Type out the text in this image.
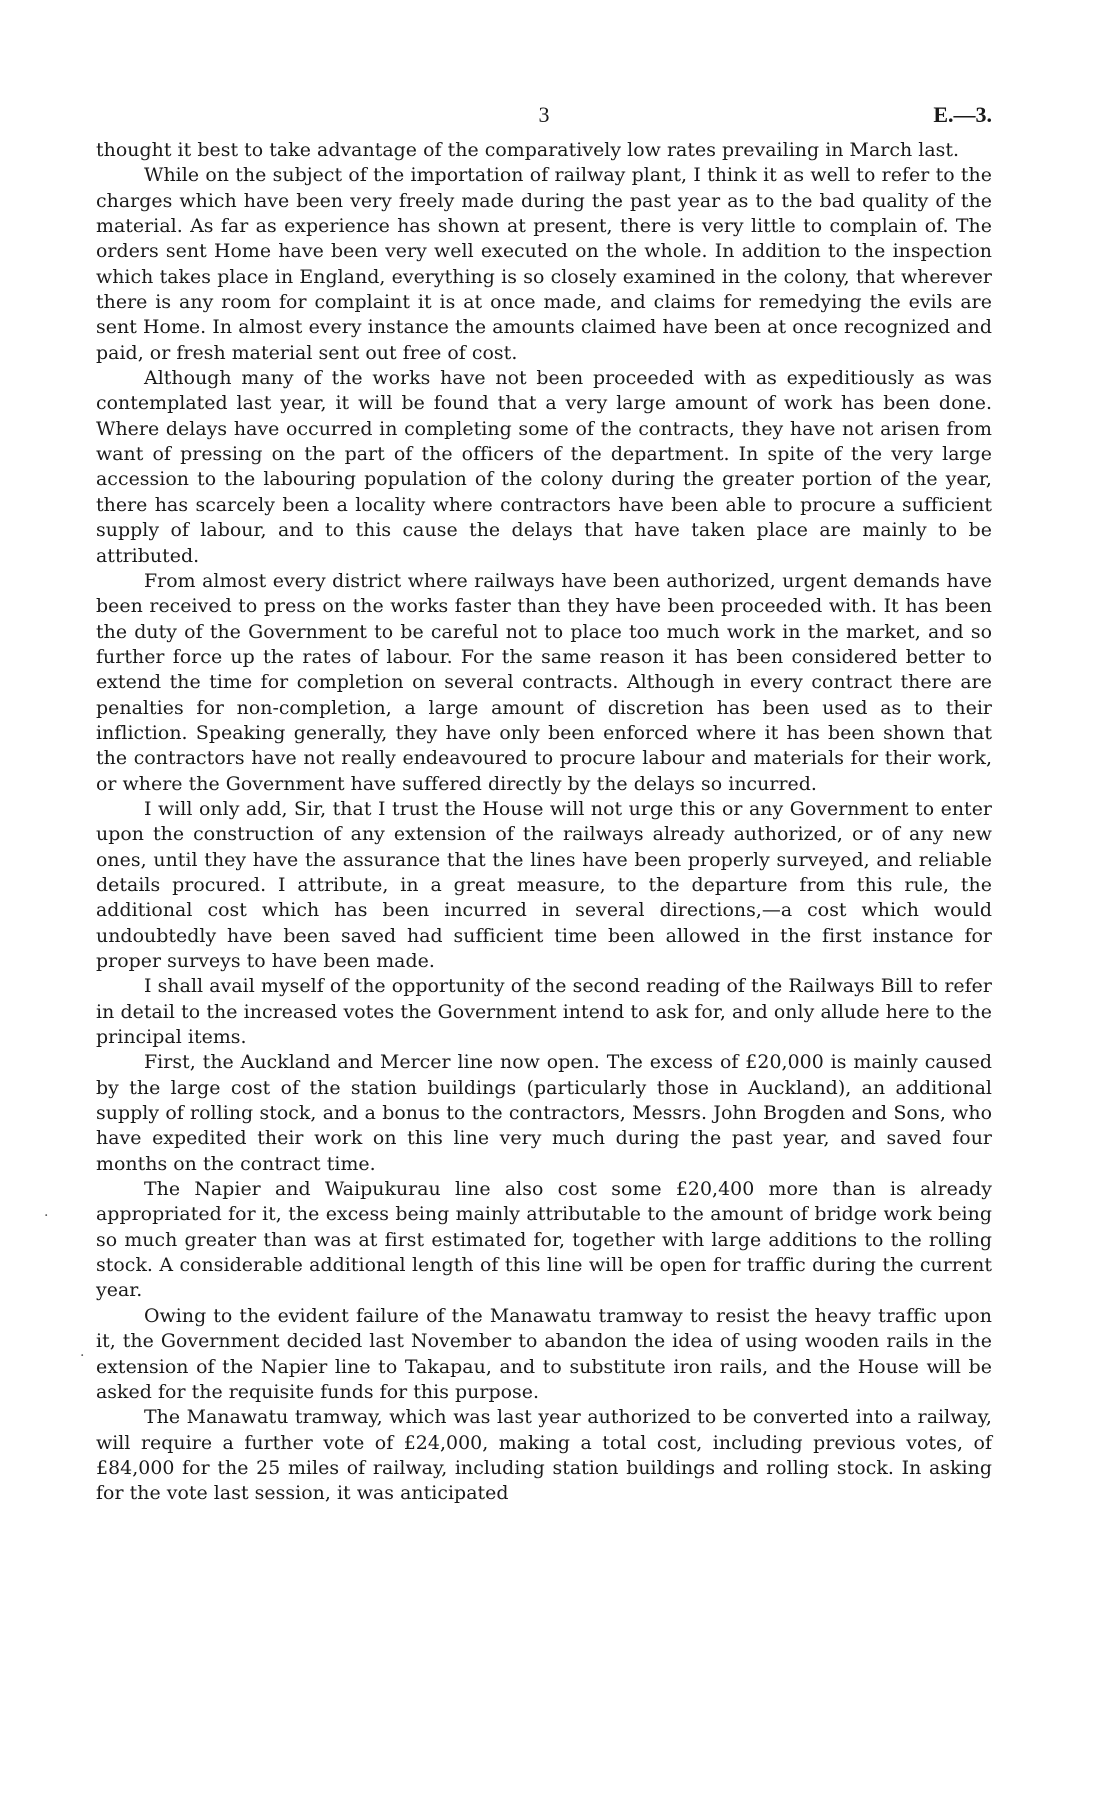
3	E.—3.

thought it best to take advantage of the comparatively low rates prevailing in March last.

While on the subject of the importation of railway plant, I think it as well to refer to the charges which have been very freely made during the past year as to the bad quality of the material. As far as experience has shown at present, there is very little to complain of. The orders sent Home have been very well executed on the whole. In addition to the inspection which takes place in England, everything is so closely examined in the colony, that wherever there is any room for complaint it is at once made, and claims for remedying the evils are sent Home. In almost every instance the amounts claimed have been at once recognized and paid, or fresh material sent out free of cost.

Although many of the works have not been proceeded with as expeditiously as was contemplated last year, it will be found that a very large amount of work has been done. Where delays have occurred in completing some of the contracts, they have not arisen from want of pressing on the part of the officers of the department. In spite of the very large accession to the labouring population of the colony during the greater portion of the year, there has scarcely been a locality where contractors have been able to procure a sufficient supply of labour, and to this cause the delays that have taken place are mainly to be attributed.

From almost every district where railways have been authorized, urgent demands have been received to press on the works faster than they have been proceeded with. It has been the duty of the Government to be careful not to place too much work in the market, and so further force up the rates of labour. For the same reason it has been considered better to extend the time for completion on several contracts. Although in every contract there are penalties for non-completion, a large amount of discretion has been used as to their infliction. Speaking generally, they have only been enforced where it has been shown that the contractors have not really endeavoured to procure labour and materials for their work, or where the Government have suffered directly by the delays so incurred.

I will only add, Sir, that I trust the House will not urge this or any Government to enter upon the construction of any extension of the railways already authorized, or of any new ones, until they have the assurance that the lines have been properly surveyed, and reliable details procured. I attribute, in a great measure, to the departure from this rule, the additional cost which has been incurred in several directions,—a cost which would undoubtedly have been saved had sufficient time been allowed in the first instance for proper surveys to have been made.

I shall avail myself of the opportunity of the second reading of the Railways Bill to refer in detail to the increased votes the Government intend to ask for, and only allude here to the principal items.

First, the Auckland and Mercer line now open. The excess of £20,000 is mainly caused by the large cost of the station buildings (particularly those in Auckland), an additional supply of rolling stock, and a bonus to the contractors, Messrs. John Brogden and Sons, who have expedited their work on this line very much during the past year, and saved four months on the contract time.

The Napier and Waipukurau line also cost some £20,400 more than is already appropriated for it, the excess being mainly attributable to the amount of bridge work being so much greater than was at first estimated for, together with large additions to the rolling stock. A considerable additional length of this line will be open for traffic during the current year.

Owing to the evident failure of the Manawatu tramway to resist the heavy traffic upon it, the Government decided last November to abandon the idea of using wooden rails in the extension of the Napier line to Takapau, and to substitute iron rails, and the House will be asked for the requisite funds for this purpose.

The Manawatu tramway, which was last year authorized to be converted into a railway, will require a further vote of £24,000, making a total cost, including previous votes, of £84,000 for the 25 miles of railway, including station buildings and rolling stock. In asking for the vote last session, it was anticipated

·
·
